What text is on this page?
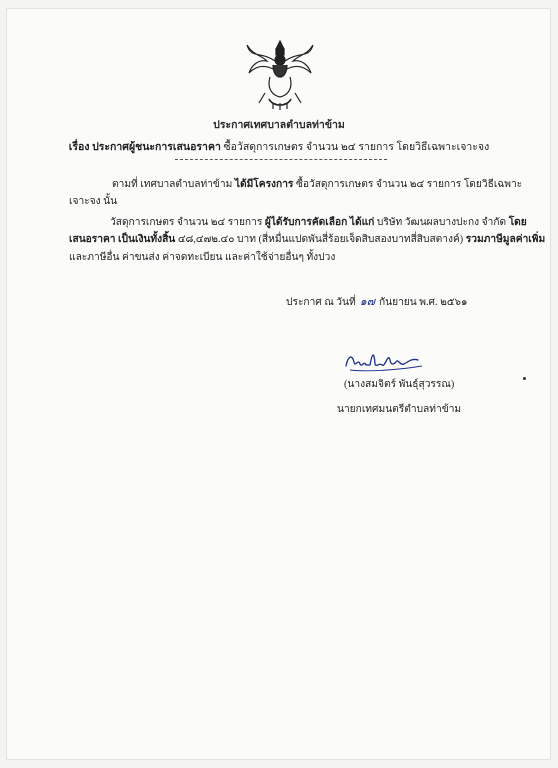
ประกาศเทศบาลตำบลท่าข้าม
เรื่อง ประกาศผู้ชนะการเสนอราคา ซื้อวัสดุการเกษตร จำนวน ๒๔ รายการ โดยวิธีเฉพาะเจาะจง
ตามที่ เทศบาลตำบลท่าข้าม ได้มีโครงการ ซื้อวัสดุการเกษตร จำนวน ๒๔ รายการ โดยวิธีเฉพาะ
เจาะจง นั้น
วัสดุการเกษตร จำนวน ๒๔ รายการ ผู้ได้รับการคัดเลือก ได้แก่ บริษัท วัฒนผลบางปะกง จำกัด โดย
เสนอราคา เป็นเงินทั้งสิ้น ๔๘,๔๗๒.๔๐ บาท (สี่หมื่นแปดพันสี่ร้อยเจ็ดสิบสองบาทสี่สิบสตางค์) รวมภาษีมูลค่าเพิ่ม
และภาษีอื่น ค่าขนส่ง ค่าจดทะเบียน และค่าใช้จ่ายอื่นๆ ทั้งปวง
ประกาศ ณ วันที่ ๑๗ กันยายน พ.ศ. ๒๕๖๑
(นางสมจิตร์ พันธุ์สุวรรณ)
นายกเทศมนตรีตำบลท่าข้าม
